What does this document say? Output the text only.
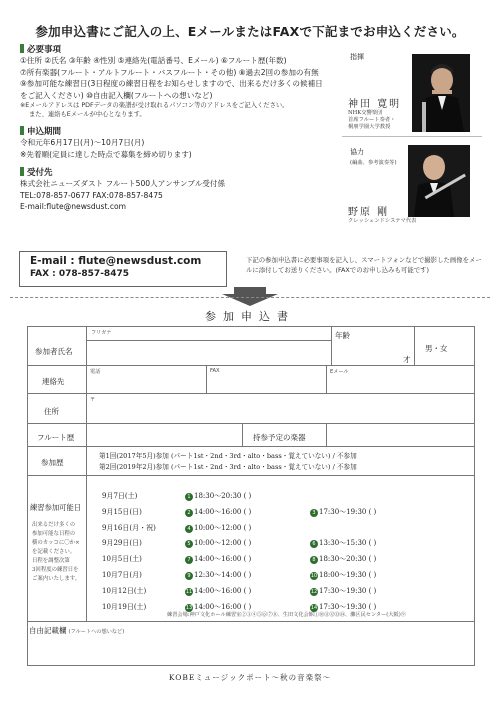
参加申込書にご記入の上、EメールまたはFAXで下記までお申込ください。
必要事項
①住所 ②氏名 ③年齢 ④性別 ⑤連絡先(電話番号、Eメール) ⑥フルート歴(年数)
⑦所有楽器(フルート・アルトフルート・バスフルート・その他) ⑧過去2回の参加の有無
⑨参加可能な練習日(3日程度の練習日程をお知らせしますので、出来るだけ多くの候補日
をご記入ください) ⑩自由記入欄(フルートへの想いなど)
※Eメールアドレスは PDFデータの楽譜が受け取れるパソコン等のアドレスをご記入ください。
また、連絡もEメールが中心となります。
申込期間
令和元年6月17日(月)〜10月7日(月)
※先着順(定員に達した時点で募集を締め切ります)
受付先
株式会社ニューズダスト フルート500人アンサンブル受付係
TEL:078-857-0677 FAX:078-857-8475
E-mail:flute@newsdust.com
指揮
神田 寛明
NHK交響楽団
首席フルート奏者・
桐朋学園大学教授
協力
(編曲、参考演奏等)
野原 剛
クレッシェンドシステマ代表
E-mail : flute@newsdust.com
FAX : 078-857-8475
下記の参加申込書に必要事項を記入し、スマートフォンなどで撮影した画像をメールに添付してお送りください。(FAXでのお申し込みも可能です)
参加申込書
参加者氏名
フリガナ	年齢
才
男・女
連絡先
電話	FAX	Eメール
住所
〒
フルート歴	持参予定の楽器
参加歴
第1回(2017年5月)参加 (パート1st・2nd・3rd・alto・bass・覚えていない) / 不参加
第2回(2019年2月)参加 (パート1st・2nd・3rd・alto・bass・覚えていない) / 不参加
練習参加可能日
出来るだけ多くの
参加可能な日程の
横のカッコに〇か×
を記載ください。
日程を調整次第
3回程度の練習日を
ご案内いたします。
9月7日(土)	1 18:30〜20:30 ( )
9月15日(日)	2 14:00〜16:00 ( )	3 17:30〜19:30 ( )
9月16日(月・祝)	4 10:00〜12:00 ( )
9月29日(日)	5 10:00〜12:00 ( )	6 13:30〜15:30 ( )
10月5日(土)	7 14:00〜16:00 ( )	8 18:30〜20:30 ( )
10月7日(月)	9 12:30〜14:00 ( )	10 18:00〜19:30 ( )
10月12日(土)	11 14:00〜16:00 ( )	12 17:30〜19:30 ( )
10月19日(土)	13 14:00〜16:00 ( )	14 17:30〜19:30 ( )
練習会場:神戸文化ホール練習室②③④⑤⑥⑦⑧、生田文化会館①⑩⑪⑫⑬⑭、灘区民センター(大阪)⑨
自由記載欄 (フルートへの想いなど)
KOBEミュージックポート〜秋の音楽祭〜
